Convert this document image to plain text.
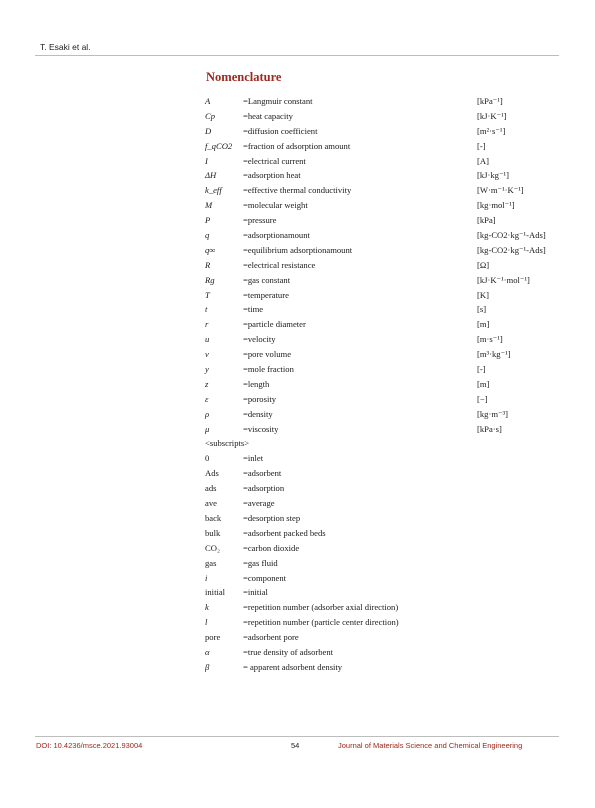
T. Esaki et al.
Nomenclature
A	=Langmuir constant	[kPa⁻¹]
Cp	=heat capacity	[kJ·K⁻¹]
D	=diffusion coefficient	[m²·s⁻¹]
f_qCO2 =fraction of adsorption amount	[-]
I	=electrical current	[A]
ΔH	=adsorption heat	[kJ·kg⁻¹]
k_eff =effective thermal conductivity	[W·m⁻¹·K⁻¹]
M	=molecular weight	[kg·mol⁻¹]
P	=pressure	[kPa]
q	=adsorptionamount	[kg-CO2·kg⁻¹-Ads]
q∞	=equilibrium adsorptionamount	[kg-CO2·kg⁻¹-Ads]
R	=electrical resistance	[Ω]
Rg	=gas constant	[kJ·K⁻¹·mol⁻¹]
T	=temperature	[K]
t	=time	[s]
r	=particle diameter	[m]
u	=velocity	[m·s⁻¹]
v	=pore volume	[m³·kg⁻¹]
y	=mole fraction	[-]
z	=length	[m]
ε	=porosity	[−]
ρ	=density	[kg·m⁻³]
μ	=viscosity	[kPa·s]
<subscripts>
0	=inlet
Ads	=adsorbent
ads	=adsorption
ave	=average
back	=desorption step
bulk	=adsorbent packed beds
CO₂	=carbon dioxide
gas	=gas fluid
i	=component
initial =initial
k	=repetition number (adsorber axial direction)
l	=repetition number (particle center direction)
pore	=adsorbent pore
α	=true density of adsorbent
β	= apparent adsorbent density
DOI: 10.4236/msce.2021.93004	54	Journal of Materials Science and Chemical Engineering
